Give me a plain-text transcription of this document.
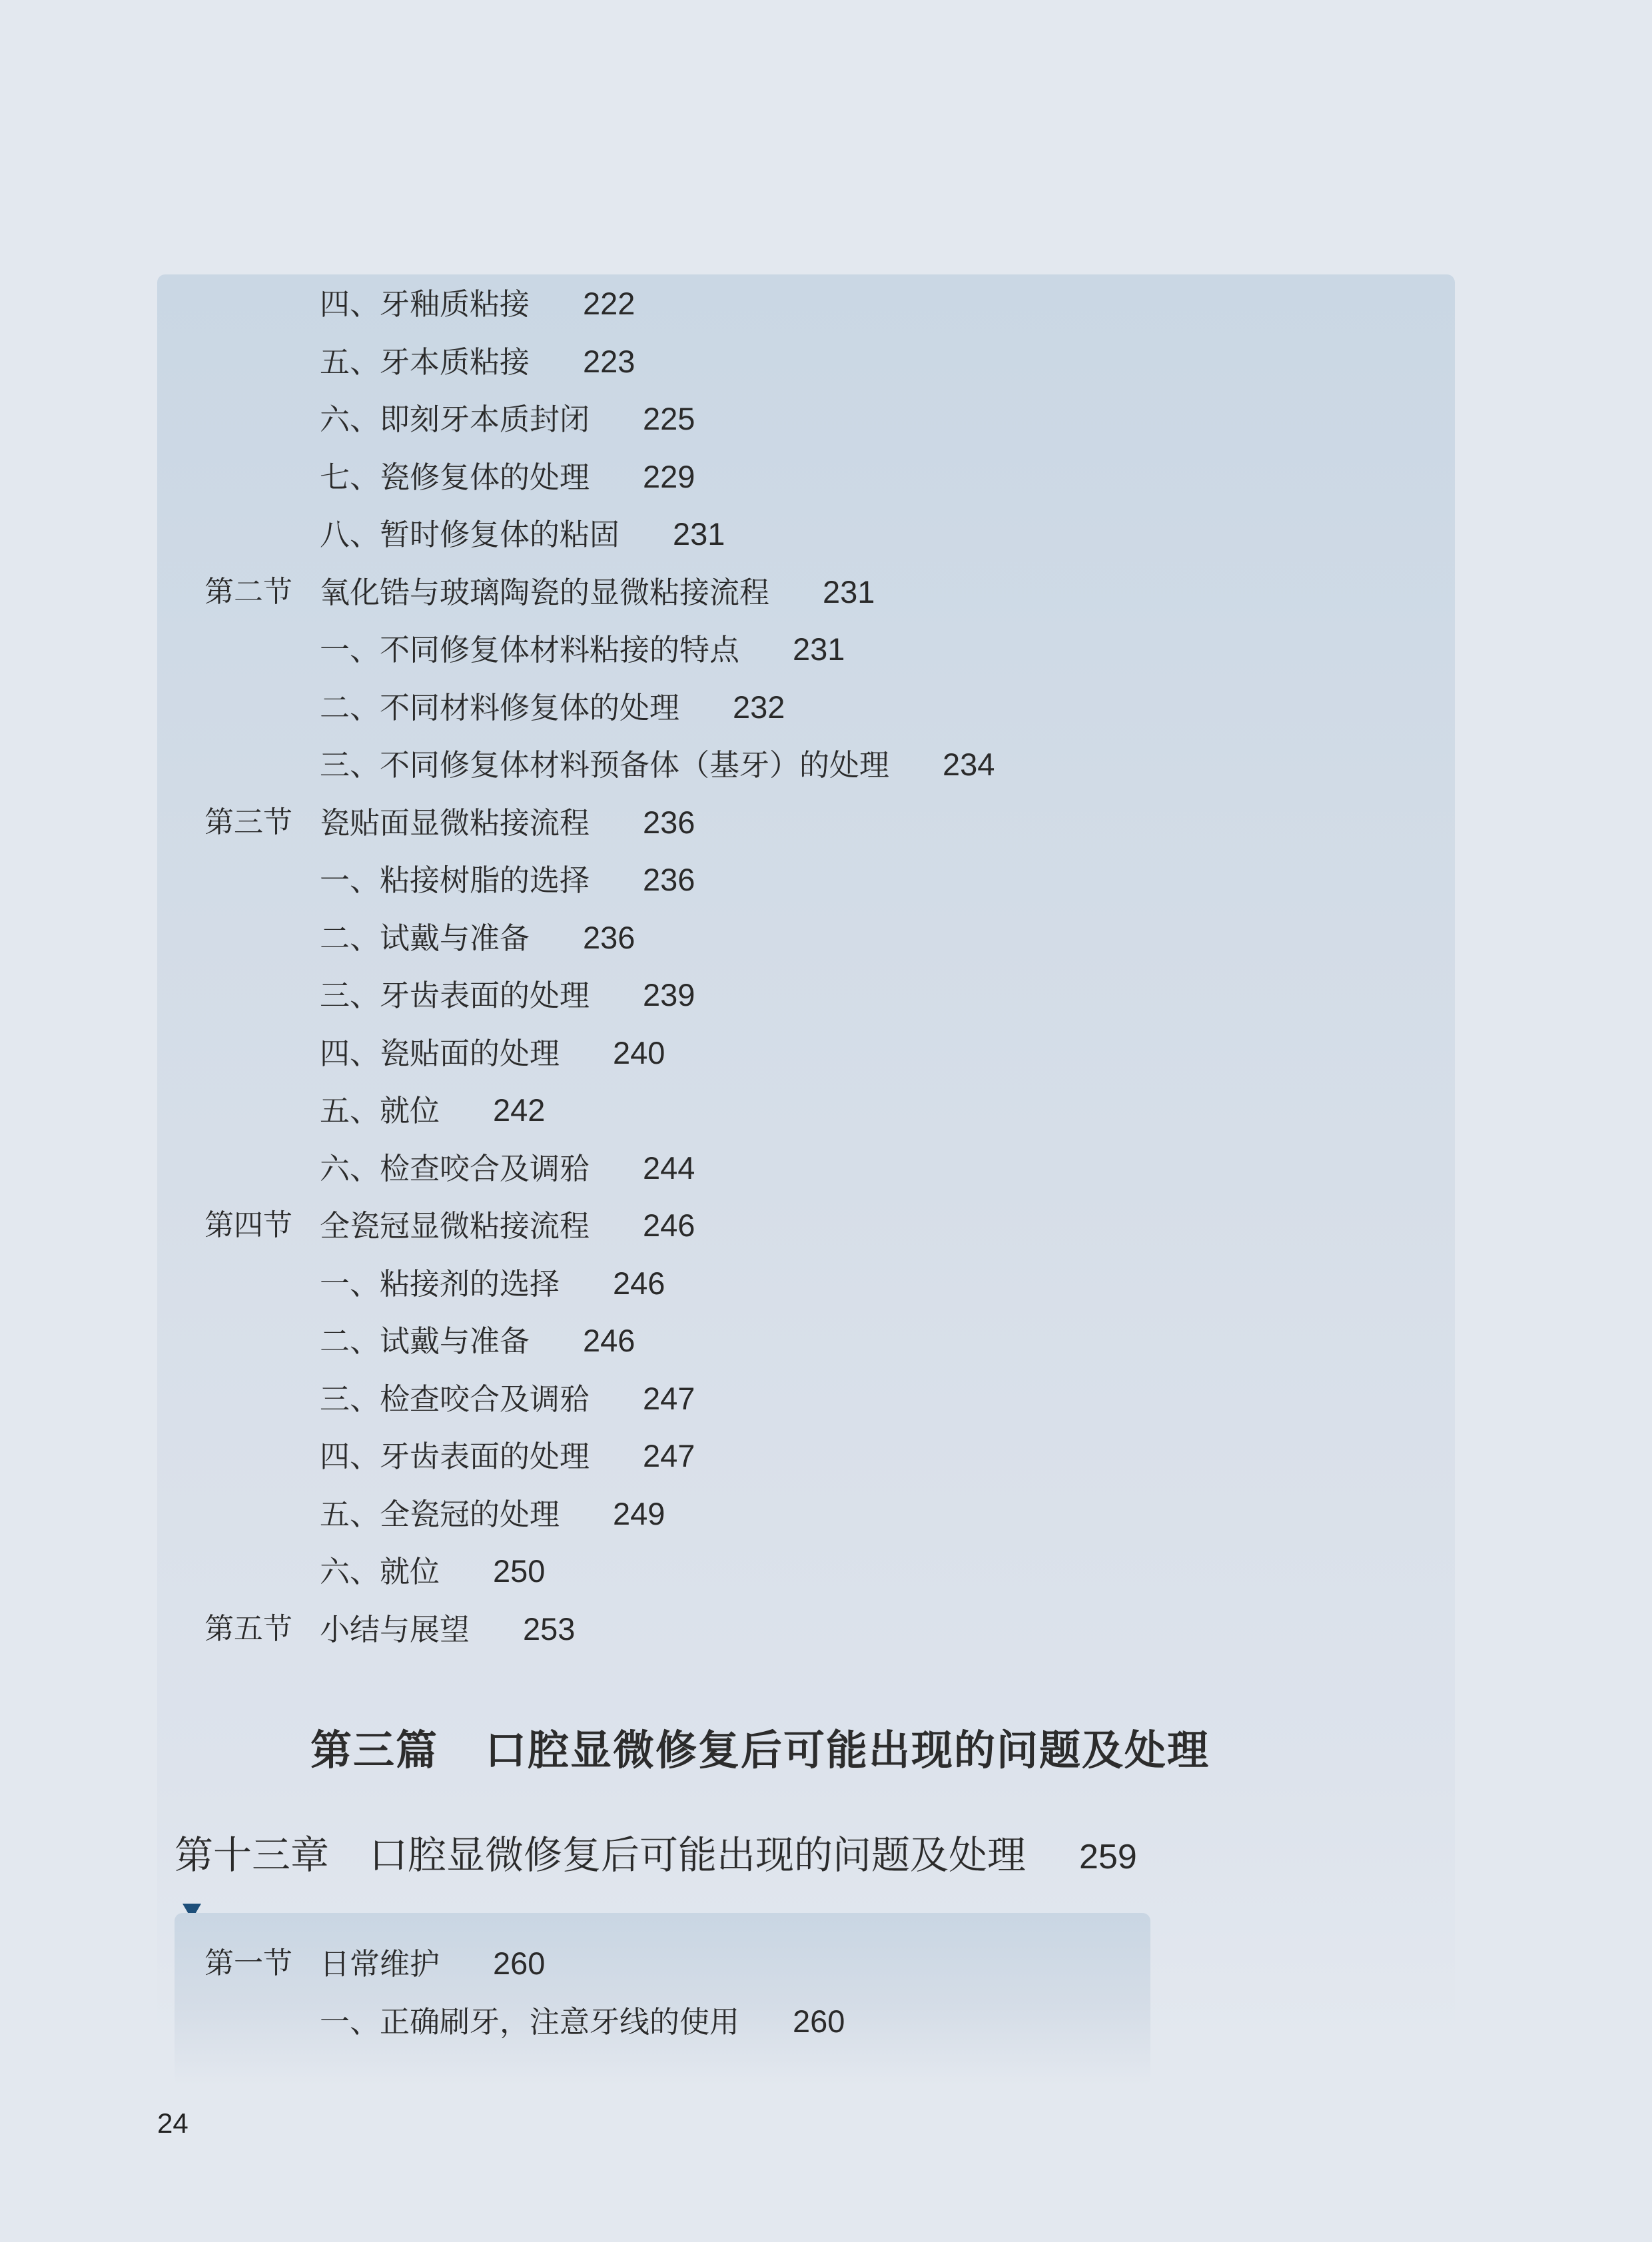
四、牙釉质粘接 222
五、牙本质粘接 223
六、即刻牙本质封闭 225
七、瓷修复体的处理 229
八、暂时修复体的粘固 231
第二节 氧化锆与玻璃陶瓷的显微粘接流程 231
一、不同修复体材料粘接的特点 231
二、不同材料修复体的处理 232
三、不同修复体材料预备体（基牙）的处理 234
第三节 瓷贴面显微粘接流程 236
一、粘接树脂的选择 236
二、试戴与准备 236
三、牙齿表面的处理 239
四、瓷贴面的处理 240
五、就位 242
六、检查咬合及调𬌗 244
第四节 全瓷冠显微粘接流程 246
一、粘接剂的选择 246
二、试戴与准备 246
三、检查咬合及调𬌗 247
四、牙齿表面的处理 247
五、全瓷冠的处理 249
六、就位 250
第五节 小结与展望 253
第三篇 口腔显微修复后可能出现的问题及处理
第十三章 口腔显微修复后可能出现的问题及处理 259
第一节 日常维护 260
一、正确刷牙，注意牙线的使用 260
24
